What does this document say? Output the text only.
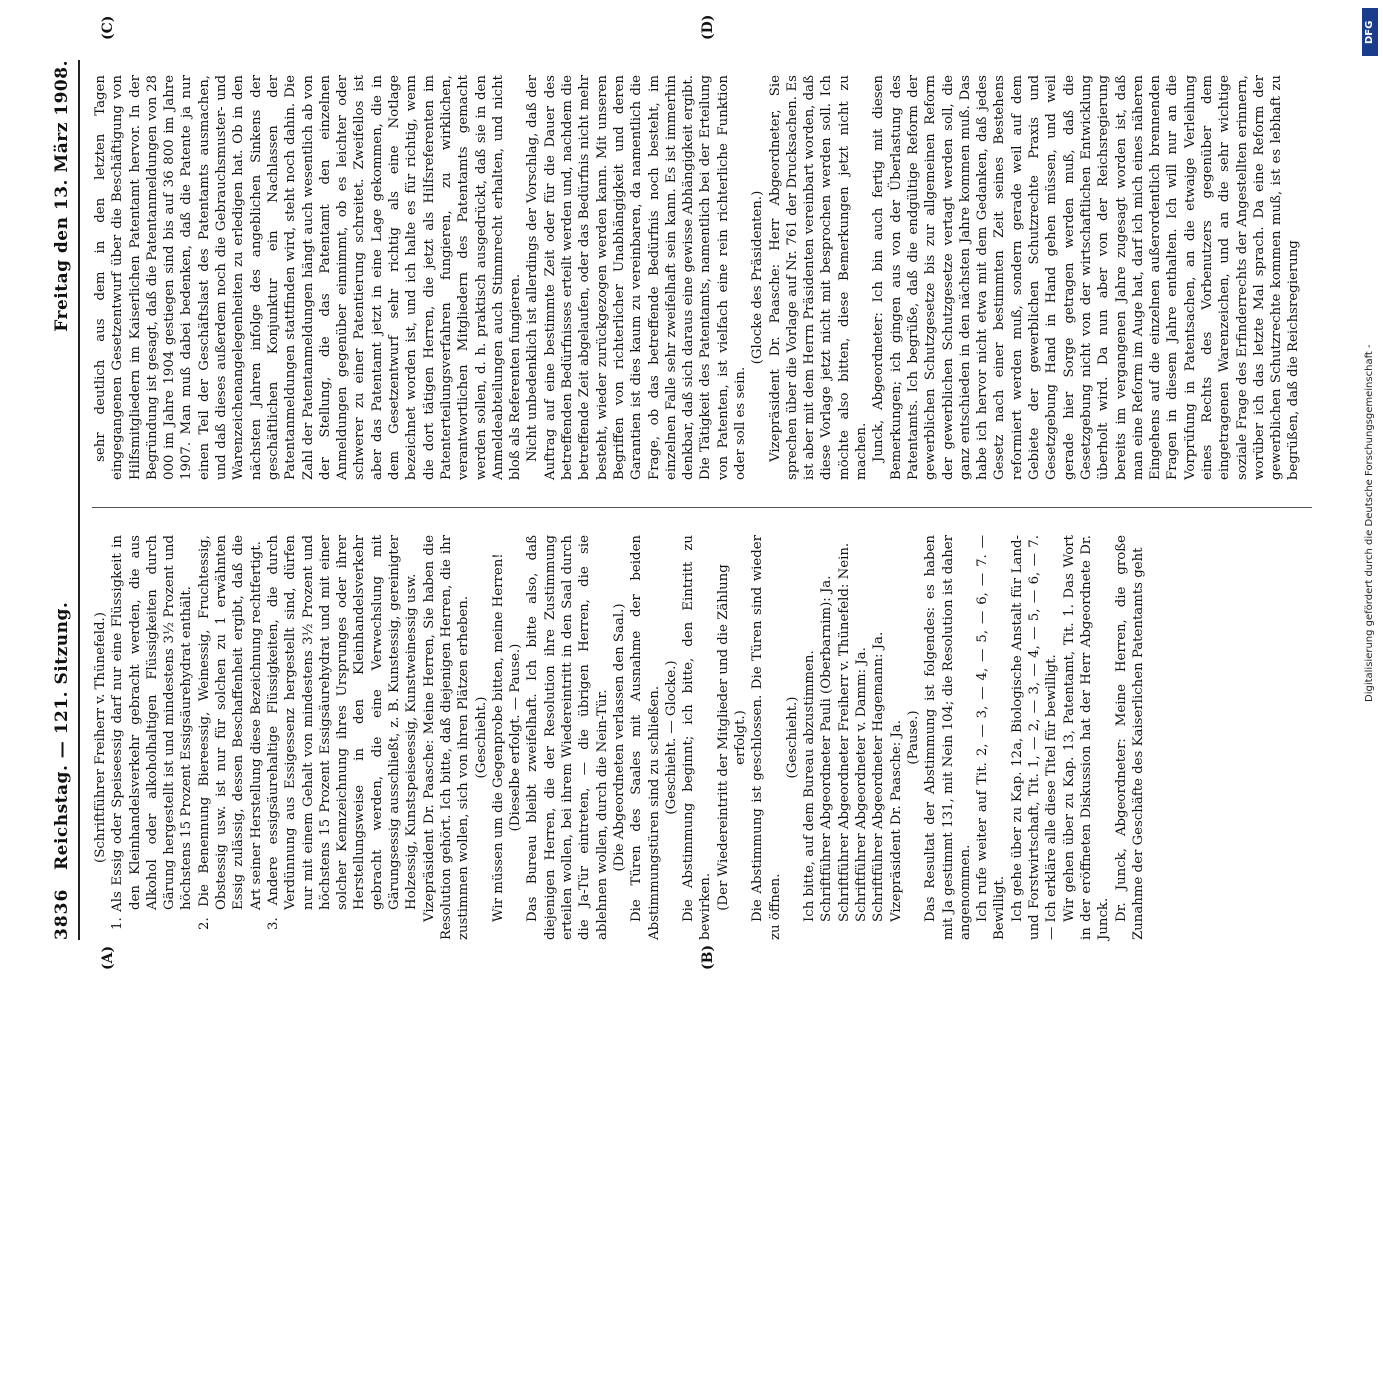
DFG
Digitalisierung gefördert durch die Deutsche Forschungsgemeinschaft -
3836
Reichstag. — 121. Sitzung.
Freitag den 13. März 1908.
(A)	(B)
(C)	(D)

(Schriftführer Freiherr v. Thünefeld.) 1. Als Essig oder Speiseessig darf nur eine Flüssigkeit in den Kleinhandelsverkehr gebracht werden, die aus Alkohol oder alkoholhaltigen Flüssigkeiten durch Gärung hergestellt ist und mindestens 3½ Prozent und höchstens 15 Prozent Essigsäurehydrat enthält. 2. Die Benennung Biereessig, Weinessig, Fruchtessig, Obstessig usw. ist nur für solchen zu 1 erwähnten Essig zulässig, dessen Beschaffenheit ergibt, daß die Art seiner Herstellung diese Bezeichnung rechtfertigt. 3. Andere essigsäurehaltige Flüssigkeiten, die durch Verdünnung aus Essigessenz hergestellt sind, dürfen nur mit einem Gehalt von mindestens 3½ Prozent und höchstens 15 Prozent Essigsäurehydrat und mit einer solcher Kennzeichnung ihres Ursprunges oder ihrer Herstellungsweise in den Kleinhandelsverkehr gebracht werden, die eine Verwechslung mit Gärungsessig ausschließt, z. B. Kunstessig, gereinigter Holzessig, Kunstspeiseessig, Kunstweinessig usw. Vizepräsident Dr. Paasche: Meine Herren, Sie haben die Resolution gehört. Ich bitte, daß diejenigen Herren, die ihr zustimmen wollen, sich von ihren Plätzen erheben. (Geschieht.) Wir müssen um die Gegenprobe bitten, meine Herren! (Dieselbe erfolgt. — Pause.) Das Bureau bleibt zweifelhaft. Ich bitte also, daß diejenigen Herren, die der Resolution ihre Zustimmung erteilen wollen, bei ihrem Wiedereintritt in den Saal durch die Ja-Tür eintreten, — die übrigen Herren, die sie ablehnen wollen, durch die Nein-Tür. (Die Abgeordneten verlassen den Saal.) Die Türen des Saales mit Ausnahme der beiden Abstimmungstüren sind zu schließen. (Geschieht. — Glocke.) Die Abstimmung beginnt; ich bitte, den Eintritt zu bewirken. (Der Wiedereintritt der Mitglieder und die Zählung erfolgt.) Die Abstimmung ist geschlossen. Die Türen sind wieder zu öffnen.

(Geschieht.) Ich bitte, auf dem Bureau abzustimmen. Schriftführer Abgeordneter Pauli (Oberbarnim): Ja. Schriftführer Abgeordneter Freiherr v. Thünefeld: Nein. Schriftführer Abgeordneter v. Damm: Ja. Schriftführer Abgeordneter Hagemann: Ja. Vizepräsident Dr. Paasche: Ja. (Pause.) Das Resultat der Abstimmung ist folgendes: es haben mit Ja gestimmt 131, mit Nein 104; die Resolution ist daher angenommen. Ich rufe weiter auf Tit. 2, — 3, — 4, — 5, — 6, — 7. — Bewilligt. Ich gehe über zu Kap. 12a, Biologische Anstalt für Land- und Forstwirtschaft, Tit. 1, — 2, — 3, — 4, — 5, — 6, — 7. — Ich erkläre alle diese Titel für bewilligt. Wir gehen über zu Kap. 13, Patentamt, Tit. 1. Das Wort in der eröffneten Diskussion hat der Herr Abgeordnete Dr. Junck. Dr. Junck, Abgeordneter: Meine Herren, die große Zunahme der Geschäfte des Kaiserlichen Patentamts geht

sehr deutlich aus dem in den letzten Tagen eingegangenen Gesetzentwurf über die Beschäftigung von Hilfsmitgliedern im Kaiserlichen Patentamt hervor. In der Begründung ist gesagt, daß die Patentanmeldungen von 28 000 im Jahre 1904 gestiegen sind bis auf 36 800 im Jahre 1907. Man muß dabei bedenken, daß die Patente ja nur einen Teil der Geschäftslast des Patentamts ausmachen, und daß dieses außerdem noch die Gebrauchsmuster- und Warenzeichenangelegenheiten zu erledigen hat. Ob in den nächsten Jahren infolge des angeblichen Sinkens der geschäftlichen Konjunktur ein Nachlassen der Patentanmeldungen stattfinden wird, steht noch dahin. Die Zahl der Patentanmeldungen hängt auch wesentlich ab von der Stellung, die das Patentamt den einzelnen Anmeldungen gegenüber einnimmt, ob es leichter oder schwerer zu einer Patentierung schreitet. Zweifellos ist aber das Patentamt jetzt in eine Lage gekommen, die in dem Gesetzentwurf sehr richtig als eine Notlage bezeichnet worden ist, und ich halte es für richtig, wenn die dort tätigen Herren, die jetzt als Hilfsreferenten im Patenterteilungsverfahren fungieren, zu wirklichen, verantwortlichen Mitgliedern des Patentamts gemacht werden sollen, d. h. praktisch ausgedrückt, daß sie in den Anmeldeabteilungen auch Stimmrecht erhalten, und nicht bloß als Referenten fungieren. Nicht unbedenklich ist allerdings der Vorschlag, daß der Auftrag auf eine bestimmte Zeit oder für die Dauer des betreffenden Bedürfnisses erteilt werden und, nachdem die betreffende Zeit abgelaufen, oder das Bedürfnis nicht mehr besteht, wieder zurückgezogen werden kann. Mit unseren Begriffen von richterlicher Unabhängigkeit und deren Garantien ist dies kaum zu vereinbaren, da namentlich die Frage, ob das betreffende Bedürfnis noch besteht, im einzelnen Falle sehr zweifelhaft sein kann. Es ist immerhin denkbar, daß sich daraus eine gewisse Abhängigkeit ergibt. Die Tätigkeit des Patentamts, namentlich bei der Erteilung von Patenten, ist vielfach eine rein richterliche Funktion oder soll es sein.

(Glocke des Präsidenten.) Vizepräsident Dr. Paasche: Herr Abgeordneter, Sie sprechen über die Vorlage auf Nr. 761 der Drucksachen. Es ist aber mit dem Herrn Präsidenten vereinbart worden, daß diese Vorlage jetzt nicht mit besprochen werden soll. Ich möchte also bitten, diese Bemerkungen jetzt nicht zu machen. Junck, Abgeordneter: Ich bin auch fertig mit diesen Bemerkungen; ich gingen aus von der Überlastung des Patentamts. Ich begrüße, daß die endgültige Reform der gewerblichen Schutzgesetze bis zur allgemeinen Reform der gewerblichen Schutzgesetze vertagt werden soll, die ganz entschieden in den nächsten Jahre kommen muß. Das habe ich hervor nicht etwa mit dem Gedanken, daß jedes Gesetz nach einer bestimmten Zeit seines Bestehens reformiert werden muß, sondern gerade weil auf dem Gebiete der gewerblichen Schutzrechte Praxis und Gesetzgebung Hand in Hand gehen müssen, und weil gerade hier Sorge getragen werden muß, daß die Gesetzgebung nicht von der wirtschaftlichen Entwicklung überholt wird. Da nun aber von der Reichsregierung bereits im vergangenen Jahre zugesagt worden ist, daß man eine Reform im Auge hat, darf ich mich eines näheren Eingehens auf die einzelnen außerordentlich brennenden Fragen in diesem Jahre enthalten. Ich will nur an die Vorprüfung in Patentsachen, an die etwaige Verleihung eines Rechts des Vorbenutzers gegenüber dem eingetragenen Warenzeichen, und an die sehr wichtige soziale Frage des Erfinderrechts der Angestellten erinnern, worüber ich das letzte Mal sprach. Da eine Reform der gewerblichen Schutzrechte kommen muß, ist es lebhaft zu begrüßen, daß die Reichsregierung
